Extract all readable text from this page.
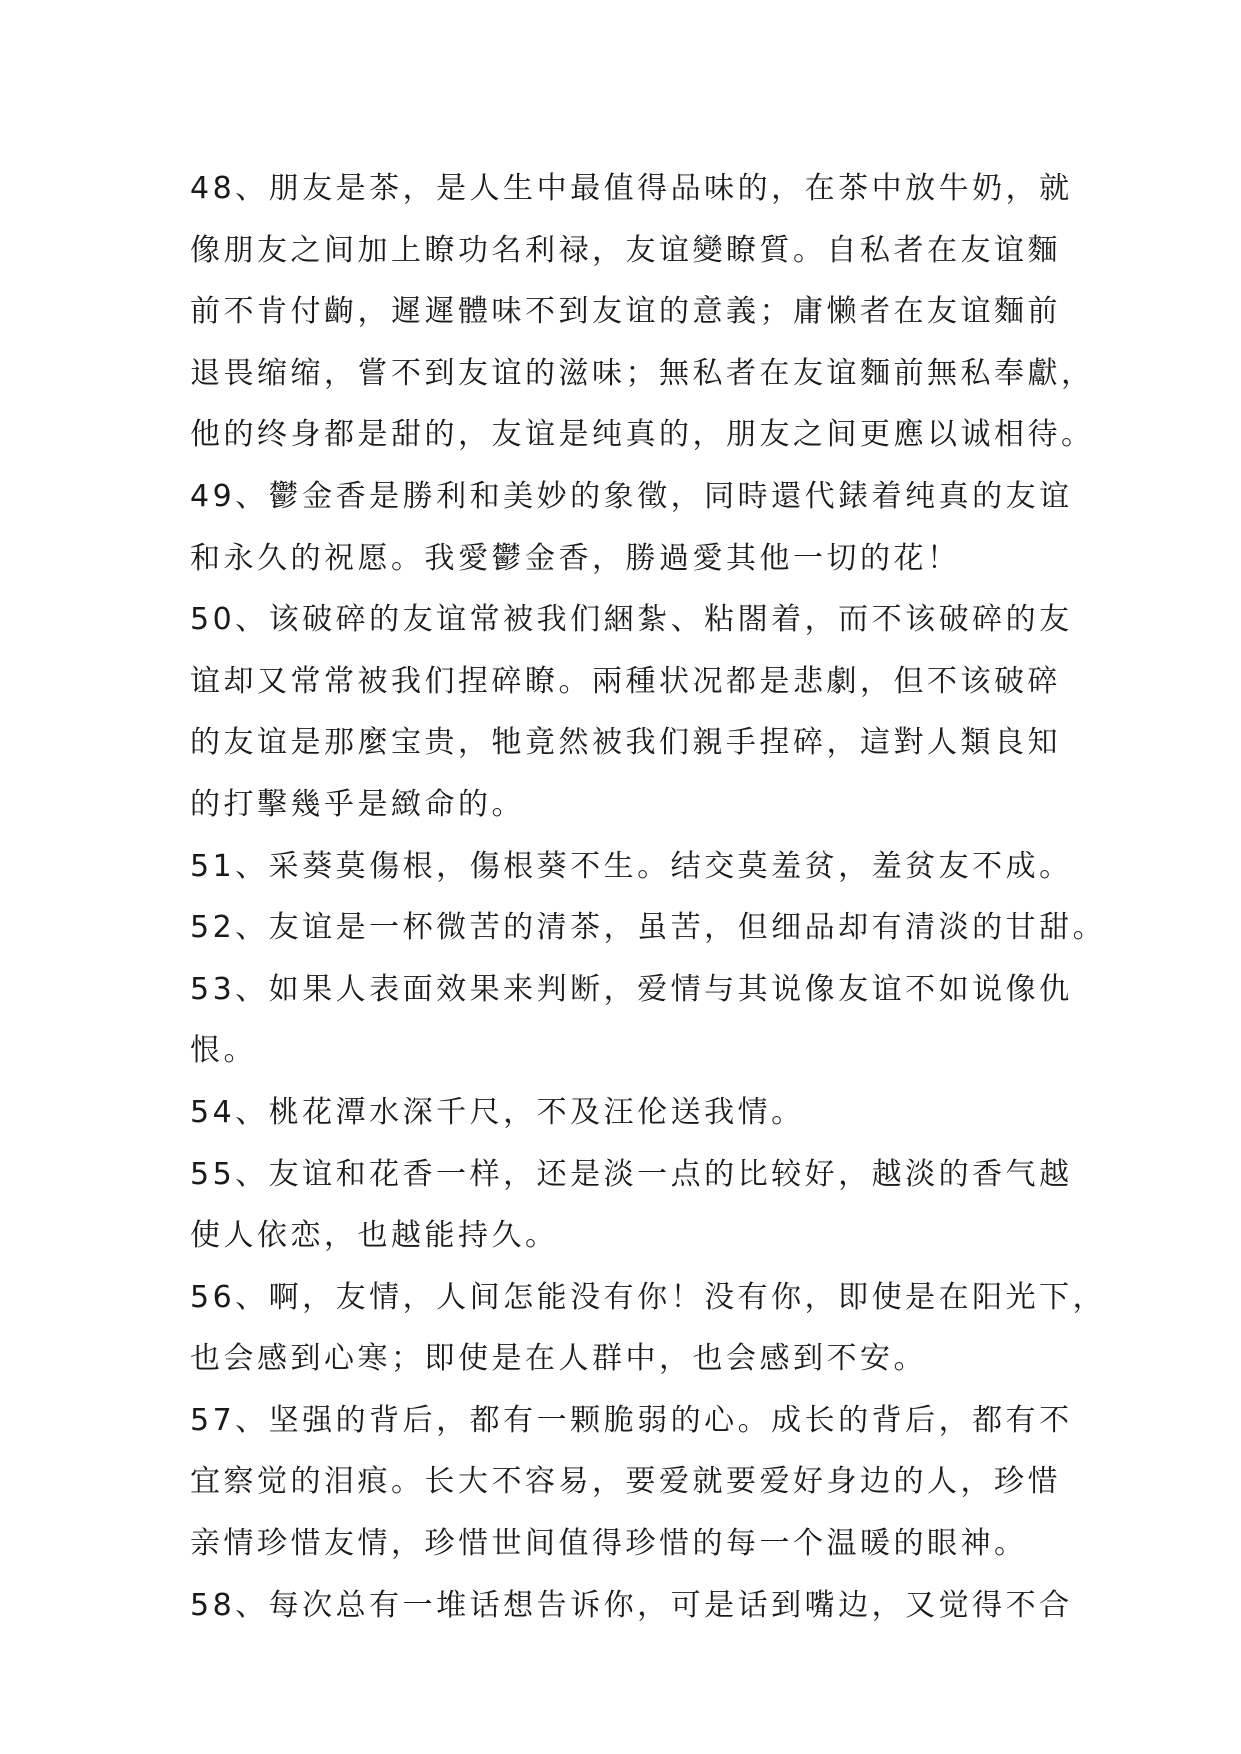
48、朋友是茶，是人生中最值得品味的，在茶中放牛奶，就
像朋友之间加上瞭功名利禄，友谊變瞭質。自私者在友谊麵
前不肯付齣，遲遲體味不到友谊的意義；庸懒者在友谊麵前
退畏缩缩，嘗不到友谊的滋味；無私者在友谊麵前無私奉獻，
他的终身都是甜的，友谊是纯真的，朋友之间更應以诚相待。
49、鬱金香是勝利和美妙的象徵，同時還代錶着纯真的友谊
和永久的祝愿。我愛鬱金香，勝過愛其他一切的花！
50、该破碎的友谊常被我们綑紮、粘閤着，而不该破碎的友
谊却又常常被我们捏碎瞭。兩種状况都是悲劇，但不该破碎
的友谊是那麼宝贵，牠竟然被我们親手捏碎，這對人類良知
的打擊幾乎是緻命的。
51、采葵莫傷根，傷根葵不生。结交莫羞贫，羞贫友不成。
52、友谊是一杯微苦的清茶，虽苦，但细品却有清淡的甘甜。
53、如果人表面效果来判断，爱情与其说像友谊不如说像仇
恨。
54、桃花潭水深千尺，不及汪伦送我情。
55、友谊和花香一样，还是淡一点的比较好，越淡的香气越
使人依恋，也越能持久。
56、啊，友情，人间怎能没有你！没有你，即使是在阳光下，
也会感到心寒；即使是在人群中，也会感到不安。
57、坚强的背后，都有一颗脆弱的心。成长的背后，都有不
宜察觉的泪痕。长大不容易，要爱就要爱好身边的人，珍惜
亲情珍惜友情，珍惜世间值得珍惜的每一个温暖的眼神。
58、每次总有一堆话想告诉你，可是话到嘴边，又觉得不合
